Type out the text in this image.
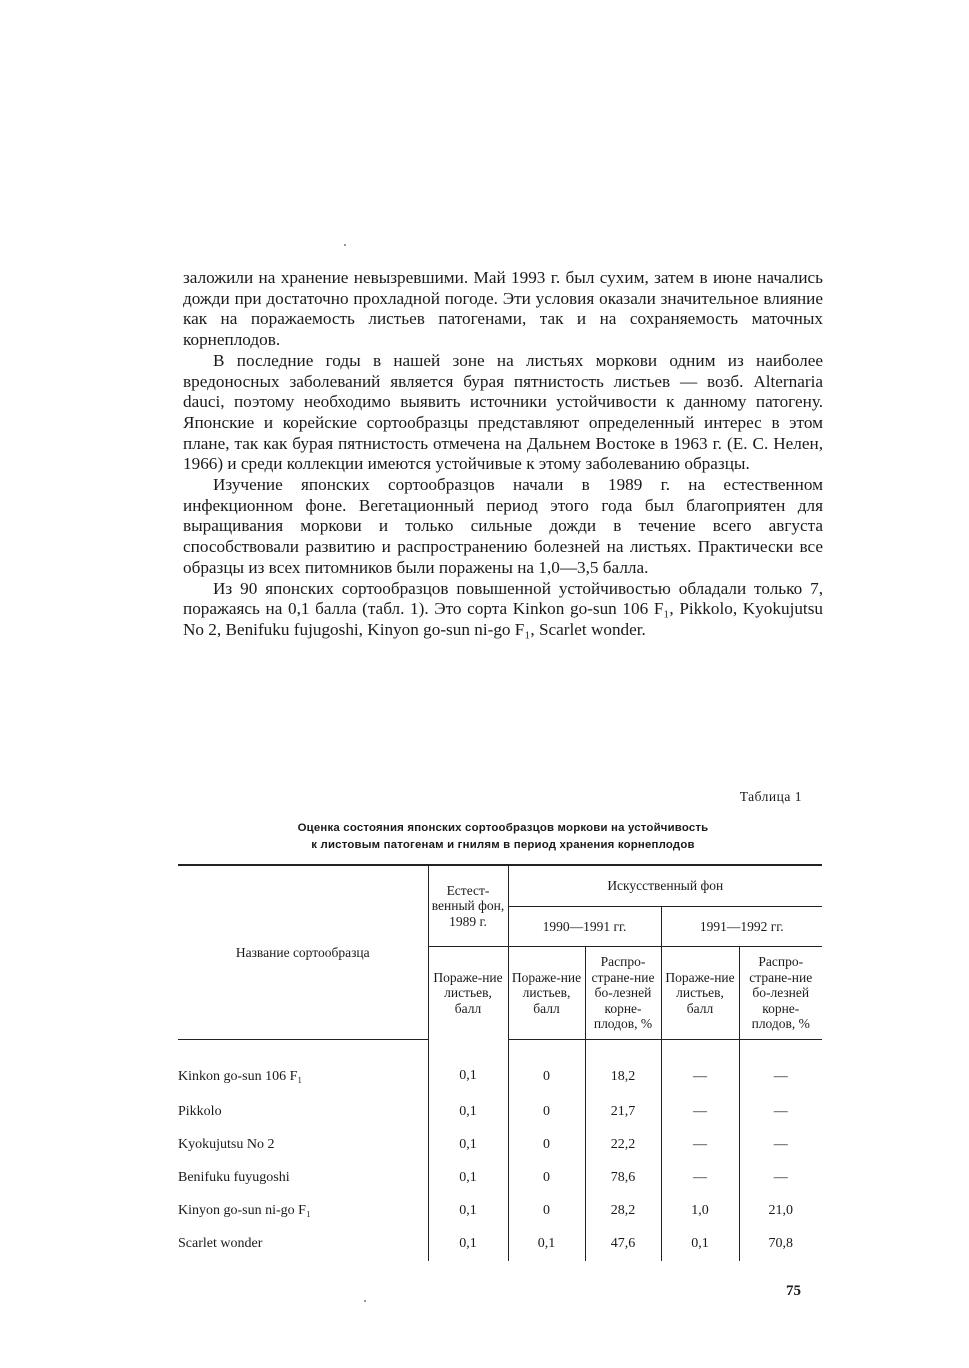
заложили на хранение невызревшими. Май 1993 г. был сухим, затем в июне начались дожди при достаточно прохладной погоде. Эти условия оказали значительное влияние как на поражаемость листьев патогенами, так и на сохраняемость маточных корнеплодов.

В последние годы в нашей зоне на листьях моркови одним из наиболее вредоносных заболеваний является бурая пятнистость листьев — возб. Alternaria dauci, поэтому необходимо выявить источники устойчивости к данному патогену. Японские и корейские сортообразцы представляют определенный интерес в этом плане, так как бурая пятнистость отмечена на Дальнем Востоке в 1963 г. (Е. С. Нелен, 1966) и среди коллекции имеются устойчивые к этому заболеванию образцы.

Изучение японских сортообразцов начали в 1989 г. на естественном инфекционном фоне. Вегетационный период этого года был благоприятен для выращивания моркови и только сильные дожди в течение всего августа способствовали развитию и распространению болезней на листьях. Практически все образцы из всех питомников были поражены на 1,0—3,5 балла.

Из 90 японских сортообразцов повышенной устойчивостью обладали только 7, поражаясь на 0,1 балла (табл. 1). Это сорта Kinkon go-sun 106 F₁, Pikkolo, Kyokujutsu No 2, Benifuku fujugoshi, Kinyon go-sun ni-go F₁, Scarlet wonder.

Таблица 1
Оценка состояния японских сортообразцов моркови на устойчивость
к листовым патогенам и гнилям в период хранения корнеплодов
Название сортообразца	Естест-венный фон, 1989 г.	Искусственный фон			
		1990—1991 гг.		1991—1992 гг.	
	Пораже-ние листьев, балл	Пораже-ние листьев, балл	Распро-стране-ние бо-лезней корне-плодов, %	Пораже-ние листьев, балл	Распро-стране-ние бо-лезней корне-плодов, %

Kinkon go-sun 106 F₁	0,1	0	18,2	—	—
Pikkolo	0,1	0	21,7	—	—
Kyokujutsu No 2	0,1	0	22,2	—	—
Benifuku fuyugoshi	0,1	0	78,6	—	—
Kinyon go-sun ni-go F₁	0,1	0	28,2	1,0	21,0
Scarlet wonder	0,1	0,1	47,6	0,1	70,8
75
